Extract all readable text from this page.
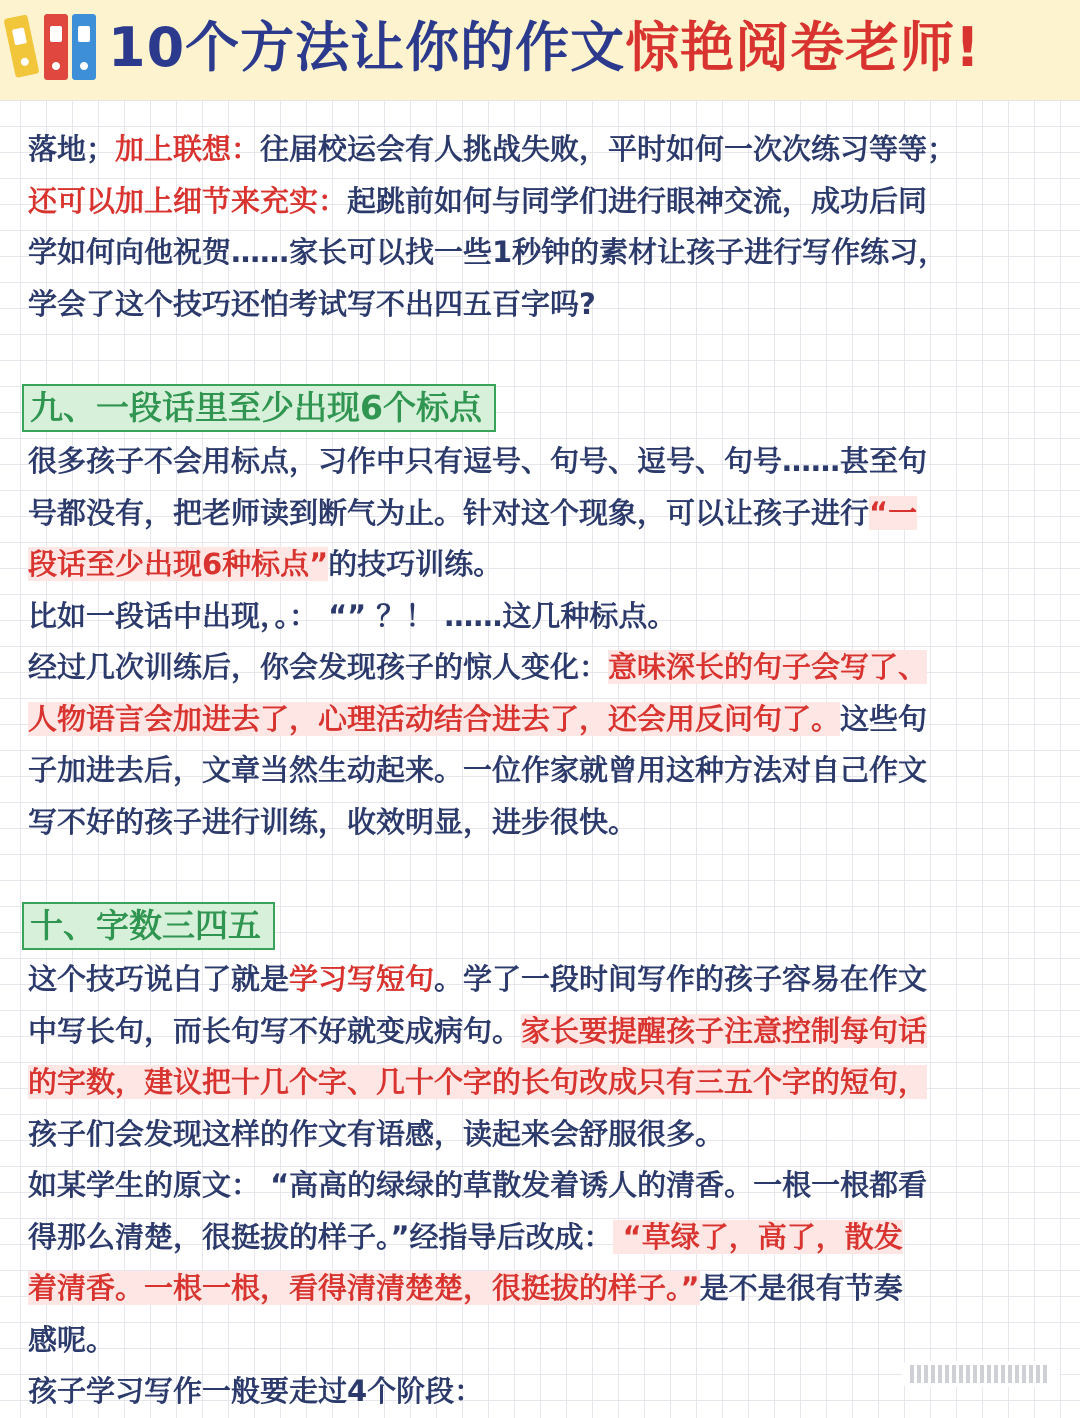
10个方法让你的作文惊艳阅卷老师!

落地；加上联想：往届校运会有人挑战失败，平时如何一次次练习等等；

还可以加上细节来充实：起跳前如何与同学们进行眼神交流，成功后同

学如何向他祝贺……家长可以找一些1秒钟的素材让孩子进行写作练习，

学会了这个技巧还怕考试写不出四五百字吗?

九、一段话里至少出现6个标点

很多孩子不会用标点，习作中只有逗号、句号、逗号、句号……甚至句

号都没有，把老师读到断气为止。针对这个现象，可以让孩子进行“一

段话至少出现6种标点”的技巧训练。

比如一段话中出现，。： “” ？！ ……这几种标点。

经过几次训练后，你会发现孩子的惊人变化：意味深长的句子会写了、

人物语言会加进去了，心理活动结合进去了，还会用反问句了。这些句

子加进去后，文章当然生动起来。一位作家就曾用这种方法对自己作文

写不好的孩子进行训练，收效明显，进步很快。

十、字数三四五

这个技巧说白了就是学习写短句。学了一段时间写作的孩子容易在作文

中写长句，而长句写不好就变成病句。家长要提醒孩子注意控制每句话

的字数，建议把十几个字、几十个字的长句改成只有三五个字的短句，

孩子们会发现这样的作文有语感，读起来会舒服很多。

如某学生的原文： “高高的绿绿的草散发着诱人的清香。一根一根都看

得那么清楚，很挺拔的样子。”经指导后改成： “草绿了，高了，散发

着清香。一根一根，看得清清楚楚，很挺拔的样子。”是不是很有节奏

感呢。

孩子学习写作一般要走过4个阶段：
